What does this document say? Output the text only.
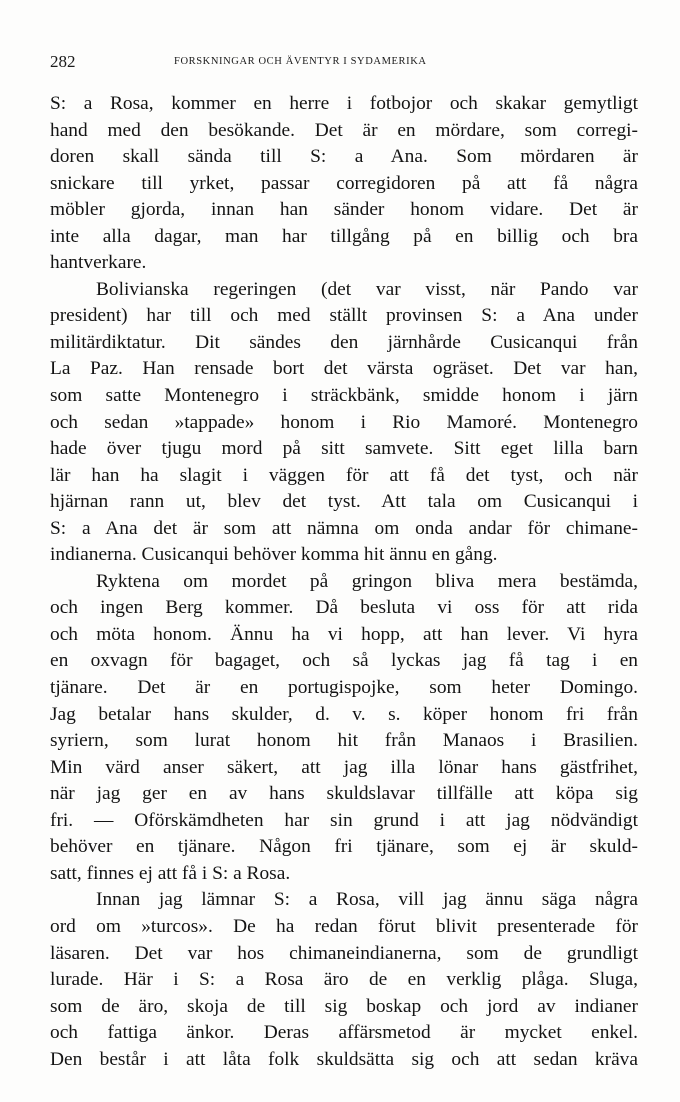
282	FORSKNINGAR OCH ÄVENTYR I SYDAMERIKA
S: a Rosa, kommer en herre i fotbojor och skakar gemytligt
hand med den besökande. Det är en mördare, som corregi-
doren skall sända till S: a Ana. Som mördaren är
snickare till yrket, passar corregidoren på att få några
möbler gjorda, innan han sänder honom vidare. Det är
inte alla dagar, man har tillgång på en billig och bra
hantverkare.
Bolivianska regeringen (det var visst, när Pando var
president) har till och med ställt provinsen S: a Ana under
militärdiktatur. Dit sändes den järnhårde Cusicanqui från
La Paz. Han rensade bort det värsta ogräset. Det var han,
som satte Montenegro i sträckbänk, smidde honom i järn
och sedan »tappade» honom i Rio Mamoré. Montenegro
hade över tjugu mord på sitt samvete. Sitt eget lilla barn
lär han ha slagit i väggen för att få det tyst, och när
hjärnan rann ut, blev det tyst. Att tala om Cusicanqui i
S: a Ana det är som att nämna om onda andar för chimane-
indianerna. Cusicanqui behöver komma hit ännu en gång.
Ryktena om mordet på gringon bliva mera bestämda,
och ingen Berg kommer. Då besluta vi oss för att rida
och möta honom. Ännu ha vi hopp, att han lever. Vi hyra
en oxvagn för bagaget, och så lyckas jag få tag i en
tjänare. Det är en portugispojke, som heter Domingo.
Jag betalar hans skulder, d. v. s. köper honom fri från
syriern, som lurat honom hit från Manaos i Brasilien.
Min värd anser säkert, att jag illa lönar hans gästfrihet,
när jag ger en av hans skuldslavar tillfälle att köpa sig
fri. — Oförskämdheten har sin grund i att jag nödvändigt
behöver en tjänare. Någon fri tjänare, som ej är skuld-
satt, finnes ej att få i S: a Rosa.
Innan jag lämnar S: a Rosa, vill jag ännu säga några
ord om »turcos». De ha redan förut blivit presenterade för
läsaren. Det var hos chimaneindianerna, som de grundligt
lurade. Här i S: a Rosa äro de en verklig plåga. Sluga,
som de äro, skoja de till sig boskap och jord av indianer
och fattiga änkor. Deras affärsmetod är mycket enkel.
Den består i att låta folk skuldsätta sig och att sedan kräva
